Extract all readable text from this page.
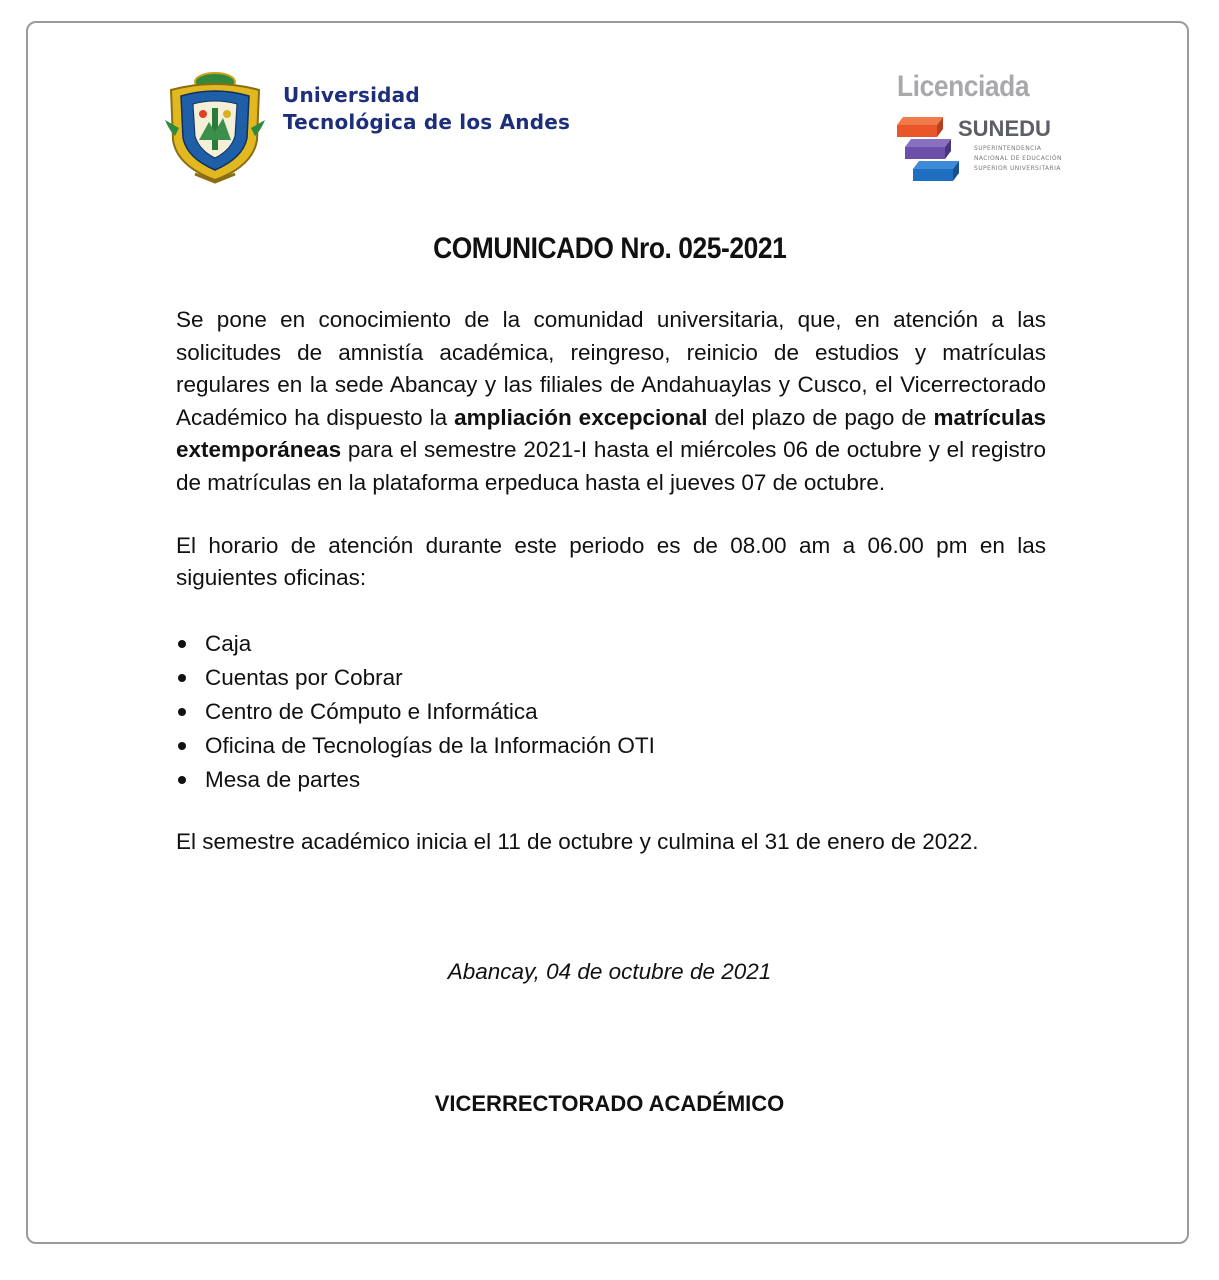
Universidad
Tecnológica de los Andes
Licenciada
SUNEDU
SUPERINTENDENCIA
NACIONAL DE EDUCACIÓN
SUPERIOR UNIVERSITARIA
COMUNICADO Nro. 025-2021

Se pone en conocimiento de la comunidad universitaria, que, en atención a las solicitudes de amnistía académica, reingreso, reinicio de estudios y matrículas regulares en la sede Abancay y las filiales de Andahuaylas y Cusco, el Vicerrectorado Académico ha dispuesto la ampliación excepcional del plazo de pago de matrículas extemporáneas para el semestre 2021-I hasta el miércoles 06 de octubre y el registro de matrículas en la plataforma erpeduca hasta el jueves 07 de octubre.

El horario de atención durante este periodo es de 08.00 am a 06.00 pm en las siguientes oficinas:

Caja
Cuentas por Cobrar
Centro de Cómputo e Informática
Oficina de Tecnologías de la Información OTI
Mesa de partes

El semestre académico inicia el 11 de octubre y culmina el 31 de enero de 2022.

Abancay, 04 de octubre de 2021
VICERRECTORADO ACADÉMICO
